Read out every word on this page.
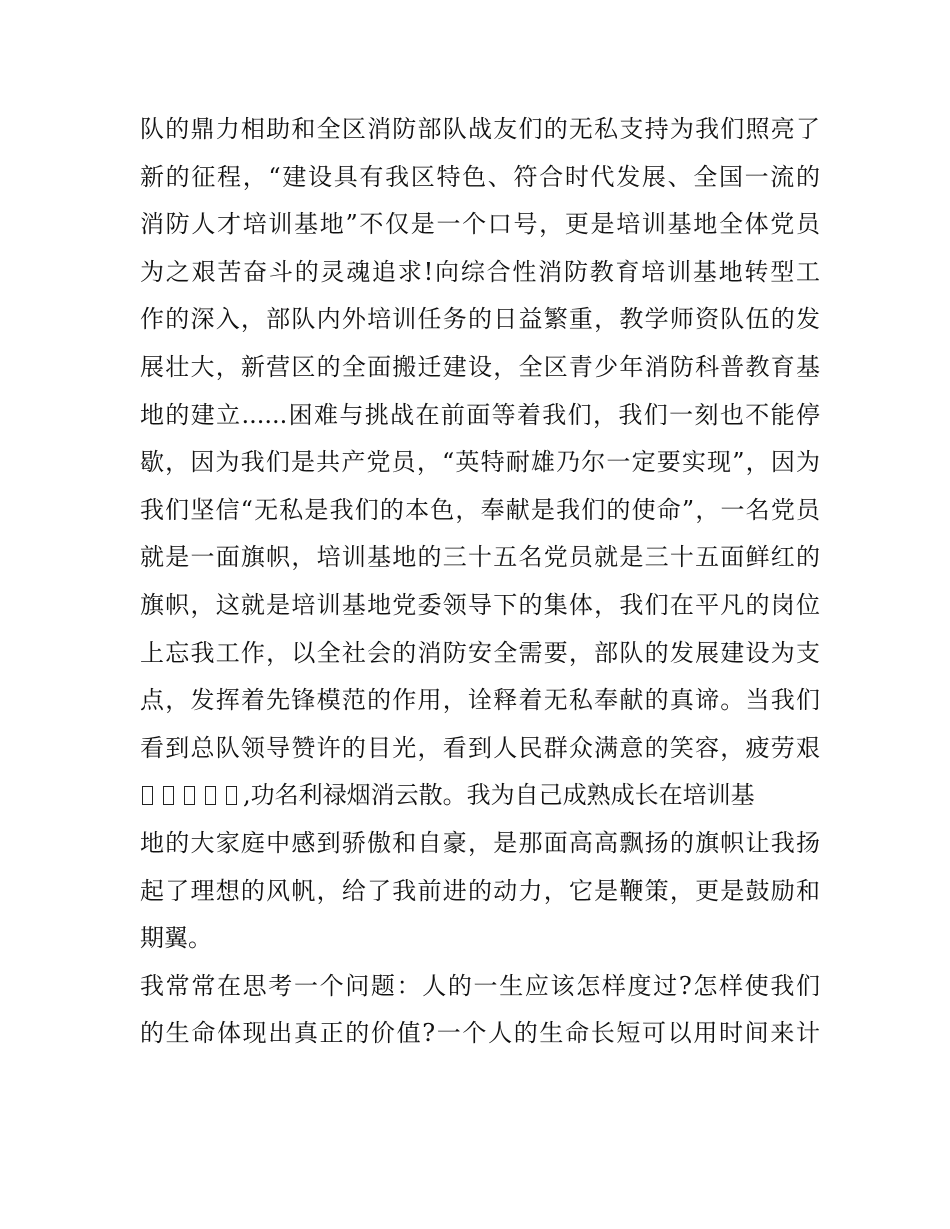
队的鼎力相助和全区消防部队战友们的无私支持为我们照亮了
新的征程，“建设具有我区特色、符合时代发展、全国一流的
消防人才培训基地”不仅是一个口号，更是培训基地全体党员
为之艰苦奋斗的灵魂追求!向综合性消防教育培训基地转型工
作的深入，部队内外培训任务的日益繁重，教学师资队伍的发
展壮大，新营区的全面搬迁建设，全区青少年消防科普教育基
地的建立......困难与挑战在前面等着我们，我们一刻也不能停
歇，因为我们是共产党员，“英特耐雄乃尔一定要实现”，因为
我们坚信“无私是我们的本色，奉献是我们的使命”，一名党员
就是一面旗帜，培训基地的三十五名党员就是三十五面鲜红的
旗帜，这就是培训基地党委领导下的集体，我们在平凡的岗位
上忘我工作，以全社会的消防安全需要，部队的发展建设为支
点，发挥着先锋模范的作用，诠释着无私奉献的真谛。当我们
看到总队领导赞许的目光，看到人民群众满意的笑容，疲劳艰
,功名利禄烟消云散。我为自己成熟成长在培训基
地的大家庭中感到骄傲和自豪，是那面高高飘扬的旗帜让我扬
起了理想的风帆，给了我前进的动力，它是鞭策，更是鼓励和
期翼。
我常常在思考一个问题：人的一生应该怎样度过?怎样使我们
的生命体现出真正的价值?一个人的生命长短可以用时间来计
